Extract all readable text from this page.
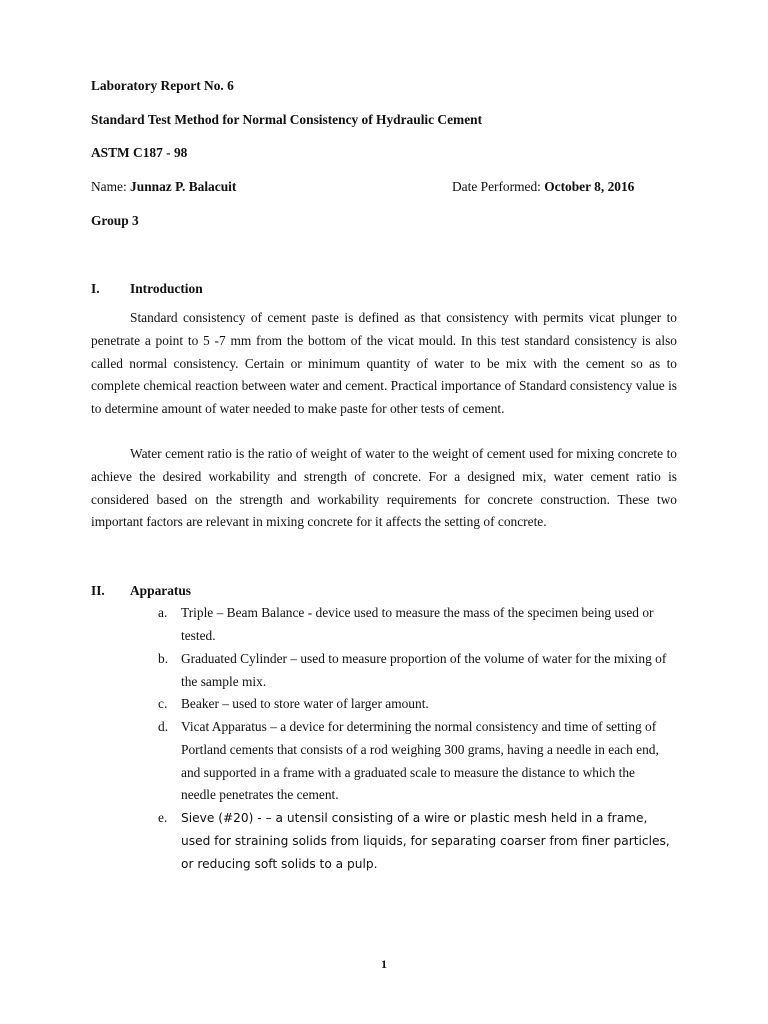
Laboratory Report No. 6
Standard Test Method for Normal Consistency of Hydraulic Cement
ASTM C187 - 98
Name: Junnaz P. Balacuit	Date Performed: October 8, 2016
Group 3
I. Introduction

Standard consistency of cement paste is defined as that consistency with permits vicat plunger to penetrate a point to 5 -7 mm from the bottom of the vicat mould. In this test standard consistency is also called normal consistency. Certain or minimum quantity of water to be mix with the cement so as to complete chemical reaction between water and cement. Practical importance of Standard consistency value is to determine amount of water needed to make paste for other tests of cement.

Water cement ratio is the ratio of weight of water to the weight of cement used for mixing concrete to achieve the desired workability and strength of concrete. For a designed mix, water cement ratio is considered based on the strength and workability requirements for concrete construction. These two important factors are relevant in mixing concrete for it affects the setting of concrete.

II. Apparatus
a. Triple – Beam Balance - device used to measure the mass of the specimen being used or tested.
b. Graduated Cylinder – used to measure proportion of the volume of water for the mixing of the sample mix.
c. Beaker – used to store water of larger amount.
d. Vicat Apparatus – a device for determining the normal consistency and time of setting of Portland cements that consists of a rod weighing 300 grams, having a needle in each end, and supported in a frame with a graduated scale to measure the distance to which the needle penetrates the cement.
e. Sieve (#20) - – a utensil consisting of a wire or plastic mesh held in a frame, used for straining solids from liquids, for separating coarser from finer particles, or reducing soft solids to a pulp.
1
